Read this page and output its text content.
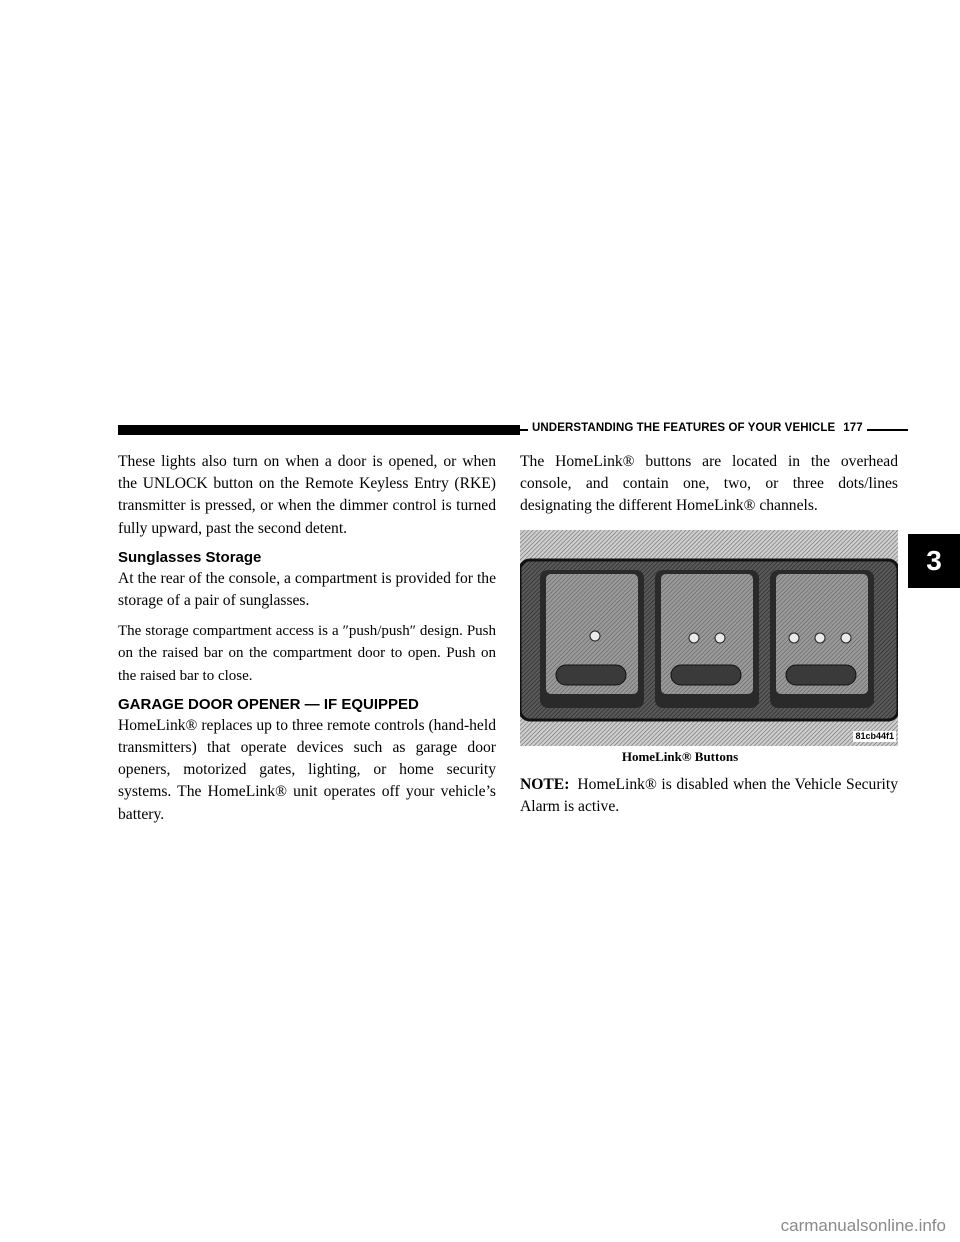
UNDERSTANDING THE FEATURES OF YOUR VEHICLE 177

These lights also turn on when a door is opened, or when the UNLOCK button on the Remote Keyless Entry (RKE) transmitter is pressed, or when the dimmer control is turned fully upward, past the second detent.

Sunglasses Storage

At the rear of the console, a compartment is provided for the storage of a pair of sunglasses.

The storage compartment access is a ″push/push″ design. Push on the raised bar on the compartment door to open. Push on the raised bar to close.

GARAGE DOOR OPENER — IF EQUIPPED

HomeLink® replaces up to three remote controls (hand-held transmitters) that operate devices such as garage door openers, motorized gates, lighting, or home security systems. The HomeLink® unit operates off your vehicle’s battery.

The HomeLink® buttons are located in the overhead console, and contain one, two, or three dots/lines designating the different HomeLink® channels.

81cb44f1
HomeLink® Buttons

NOTE: HomeLink® is disabled when the Vehicle Security Alarm is active.

3
carmanualsonline.info
